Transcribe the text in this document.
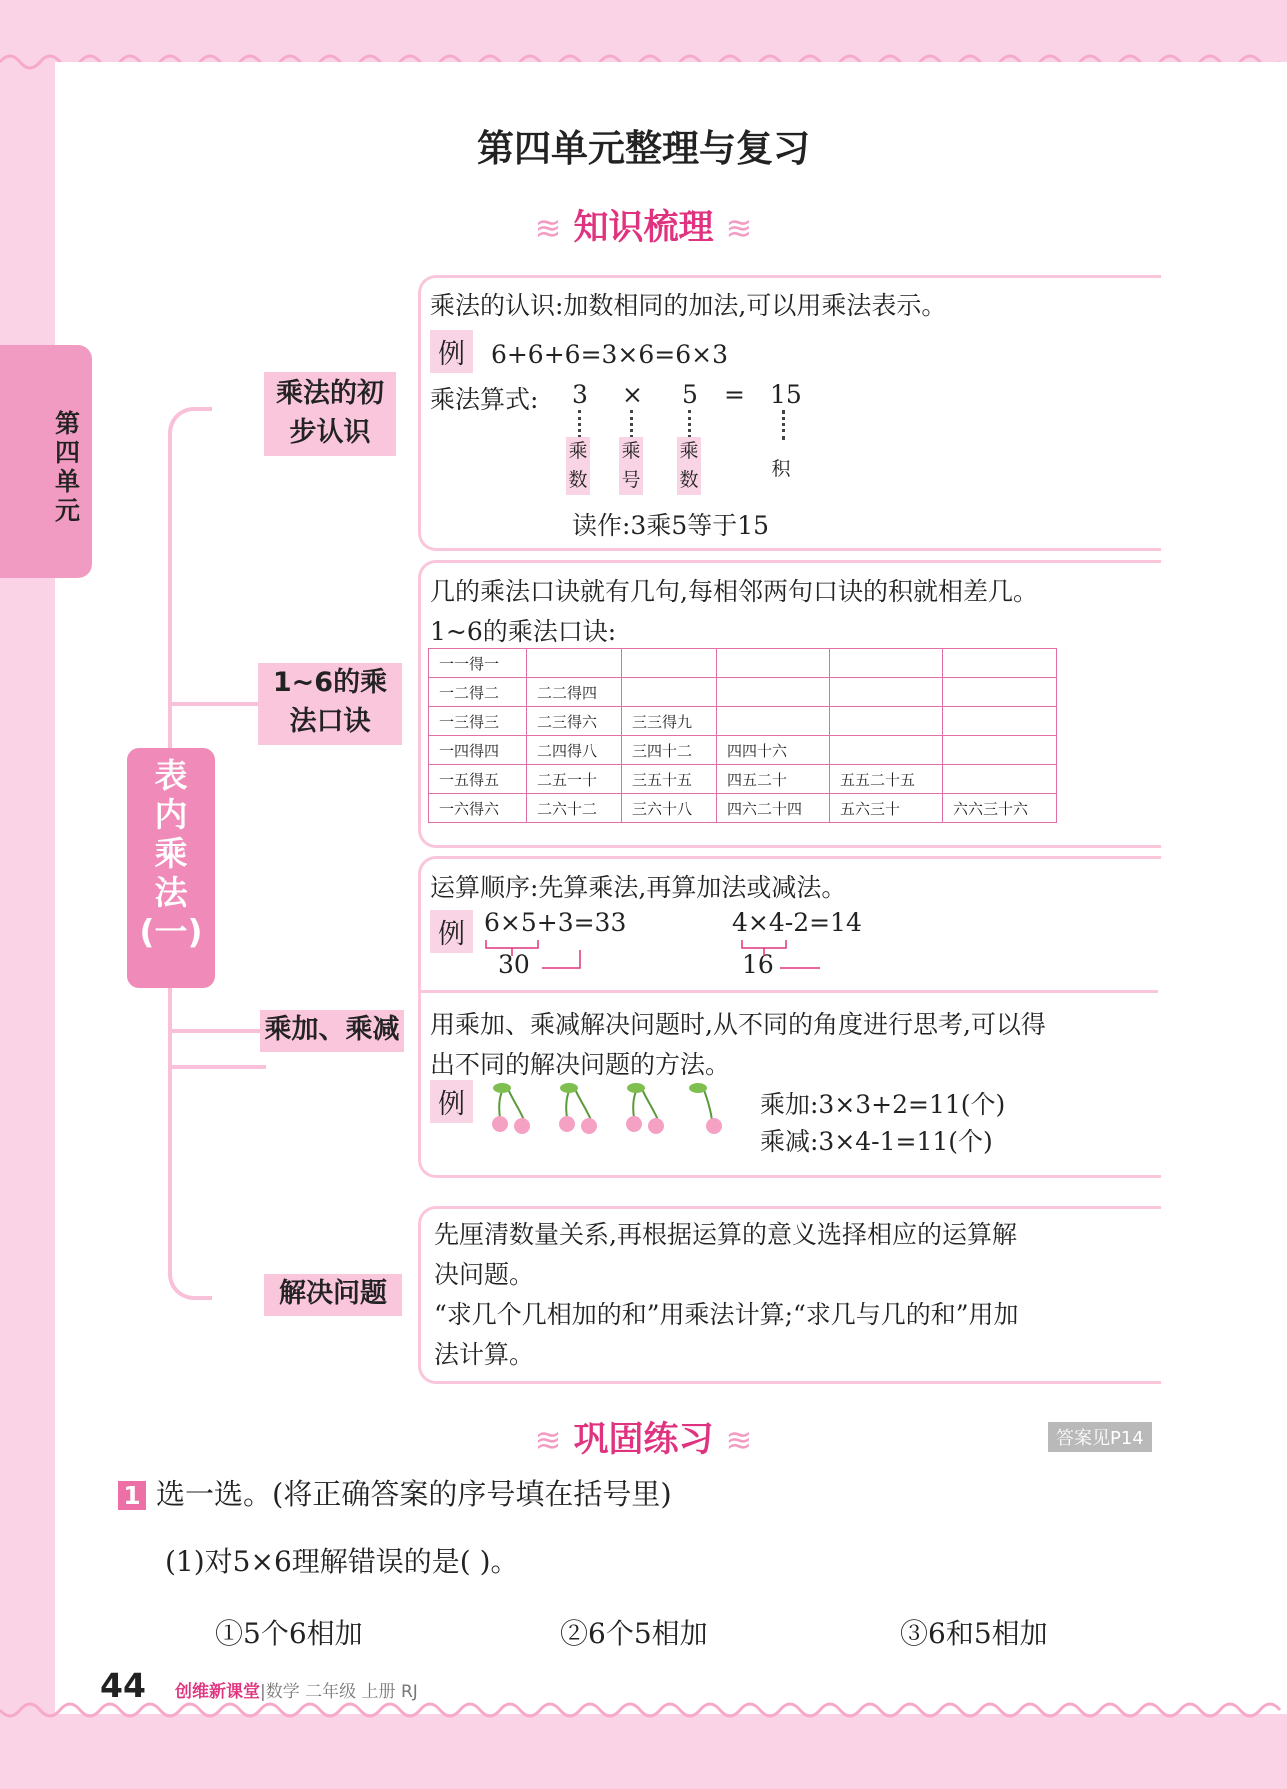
第四单元
第四单元整理与复习
≋ 知识梳理 ≋
表
内
乘
法
(一)
乘法的初
步认识
1~6的乘
法口诀
乘加、乘减
解决问题
乘法的认识:加数相同的加法,可以用乘法表示。
例 6+6+6=3×6=6×3
乘法算式: 3 × 5 = 15
乘数
乘号
乘数	积
读作:3乘5等于15
几的乘法口诀就有几句,每相邻两句口诀的积就相差几。
1~6的乘法口诀:
一一得一					
一二得二	二二得四				
一三得三	二三得六	三三得九			
一四得四	二四得八	三四十二	四四十六		
一五得五	二五一十	三五十五	四五二十	五五二十五	
一六得六	二六十二	三六十八	四六二十四	五六三十	六六三十六
运算顺序:先算乘法,再算加法或减法。
例 6×5+3=33
30
4×4-2=14
16
用乘加、乘减解决问题时,从不同的角度进行思考,可以得
出不同的解决问题的方法。
例	乘加:3×3+2=11(个)
乘减:3×4-1=11(个)
先厘清数量关系,再根据运算的意义选择相应的运算解
决问题。
“求几个几相加的和”用乘法计算;“求几与几的和”用加
法计算。
≋ 巩固练习 ≋	答案见P14
1 选一选。(将正确答案的序号填在括号里)
(1)对5×6理解错误的是( )。
①5个6相加	②6个5相加	③6和5相加
44 创维新课堂|数学 二年级 上册 RJ
